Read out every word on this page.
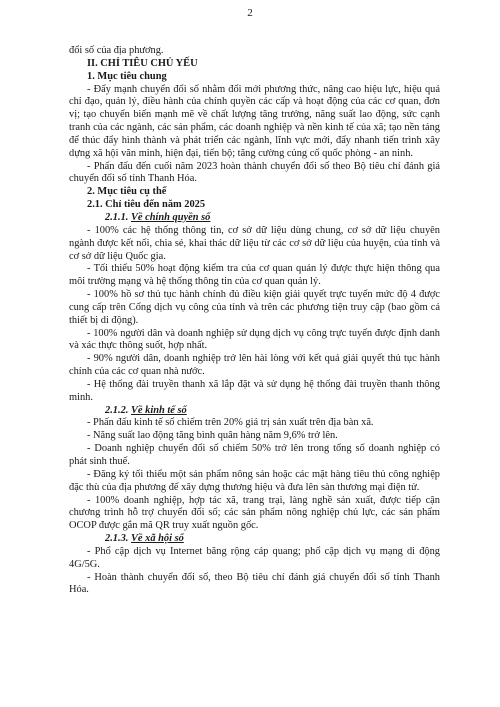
2

đổi số của địa phương.

II. CHỈ TIÊU CHỦ YẾU

1. Mục tiêu chung

- Đẩy mạnh chuyển đổi số nhằm đổi mới phương thức, nâng cao hiệu lực, hiệu quả chỉ đạo, quản lý, điều hành của chính quyền các cấp và hoạt động của các cơ quan, đơn vị; tạo chuyển biến mạnh mẽ về chất lượng tăng trưởng, năng suất lao động, sức cạnh tranh của các ngành, các sản phẩm, các doanh nghiệp và nền kinh tế của xã; tạo nền tảng để thúc đẩy hình thành và phát triển các ngành, lĩnh vực mới, đẩy nhanh tiến trình xây dựng xã hội văn minh, hiện đại, tiến bộ; tăng cường củng cố quốc phòng - an ninh.

- Phấn đấu đến cuối năm 2023 hoàn thành chuyển đổi số theo Bộ tiêu chí đánh giá chuyển đổi số tỉnh Thanh Hóa.

2. Mục tiêu cụ thể

2.1. Chỉ tiêu đến năm 2025

2.1.1. Về chính quyền số

- 100% các hệ thống thông tin, cơ sở dữ liệu dùng chung, cơ sở dữ liệu chuyên ngành được kết nối, chia sẻ, khai thác dữ liệu từ các cơ sở dữ liệu của huyện, của tỉnh và cơ sở dữ liệu Quốc gia.

- Tối thiểu 50% hoạt động kiểm tra của cơ quan quản lý được thực hiện thông qua môi trường mạng và hệ thống thông tin của cơ quan quản lý.

- 100% hồ sơ thủ tục hành chính đủ điều kiện giải quyết trực tuyến mức độ 4 được cung cấp trên Cổng dịch vụ công của tỉnh và trên các phương tiện truy cập (bao gồm cả thiết bị di động).

- 100% người dân và doanh nghiệp sử dụng dịch vụ công trực tuyến được định danh và xác thực thông suốt, hợp nhất.

- 90% người dân, doanh nghiệp trở lên hài lòng với kết quả giải quyết thủ tục hành chính của các cơ quan nhà nước.

- Hệ thống đài truyền thanh xã lắp đặt và sử dụng hệ thống đài truyền thanh thông minh.

2.1.2. Về kinh tế số

- Phấn đấu kinh tế số chiếm trên 20% giá trị sản xuất trên địa bàn xã.

- Năng suất lao động tăng bình quân hàng năm 9,6% trở lên.

- Doanh nghiệp chuyển đổi số chiếm 50% trở lên trong tổng số doanh nghiệp có phát sinh thuế.

- Đăng ký tối thiểu một sản phẩm nông sản hoặc các mặt hàng tiêu thủ công nghiệp đặc thù của địa phương để xây dựng thương hiệu và đưa lên sàn thương mại điện tử.

- 100% doanh nghiệp, hợp tác xã, trang trại, làng nghề sản xuất, được tiếp cận chương trình hỗ trợ chuyển đổi số; các sản phẩm nông nghiệp chủ lực, các sản phẩm OCOP được gắn mã QR truy xuất nguồn gốc.

2.1.3. Về xã hội số

- Phổ cập dịch vụ Internet băng rộng cáp quang; phổ cập dịch vụ mạng di động 4G/5G.

- Hoàn thành chuyển đổi số, theo Bộ tiêu chí đánh giá chuyển đổi số tỉnh Thanh Hóa.
